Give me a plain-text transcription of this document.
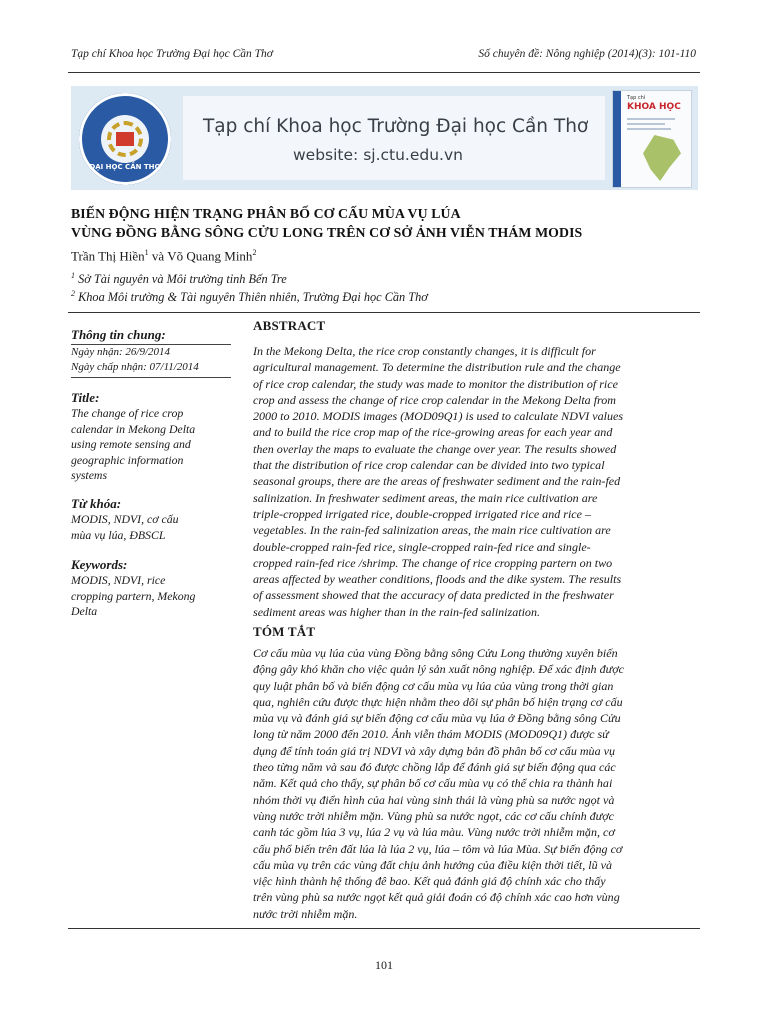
Tạp chí Khoa học Trường Đại học Cần Thơ	Số chuyên đề: Nông nghiệp (2014)(3): 101-110
ĐẠI HỌC CẦN THƠ
Tạp chí Khoa học Trường Đại học Cần Thơ
website: sj.ctu.edu.vn
Tạp chí
KHOA HỌC
BIẾN ĐỘNG HIỆN TRẠNG PHÂN BỐ CƠ CẤU MÙA VỤ LÚA
VÙNG ĐỒNG BẰNG SÔNG CỬU LONG TRÊN CƠ SỞ ẢNH VIỄN THÁM MODIS
Trần Thị Hiền$^1$ và Võ Quang Minh$^2$
$^1$ Sở Tài nguyên và Môi trường tỉnh Bến Tre
$^2$ Khoa Môi trường & Tài nguyên Thiên nhiên, Trường Đại học Cần Thơ
Thông tin chung:
Ngày nhận: 26/9/2014
Ngày chấp nhận: 07/11/2014
Title:
The change of rice crop
calendar in Mekong Delta
using remote sensing and
geographic information
systems
Từ khóa:
MODIS, NDVI, cơ cấu
mùa vụ lúa, ĐBSCL
Keywords:
MODIS, NDVI, rice
cropping partern, Mekong
Delta
ABSTRACT
In the Mekong Delta, the rice crop constantly changes, it is difficult for
agricultural management. To determine the distribution rule and the change
of rice crop calendar, the study was made to monitor the distribution of rice
crop and assess the change of rice crop calendar in the Mekong Delta from
2000 to 2010. MODIS images (MOD09Q1) is used to calculate NDVI values
and to build the rice crop map of the rice-growing areas for each year and
then overlay the maps to evaluate the change over year. The results showed
that the distribution of rice crop calendar can be divided into two typical
seasonal groups, there are the areas of freshwater sediment and the rain-fed
salinization. In freshwater sediment areas, the main rice cultivation are
triple-cropped irrigated rice, double-cropped irrigated rice and rice –
vegetables. In the rain-fed salinization areas, the main rice cultivation are
double-cropped rain-fed rice, single-cropped rain-fed rice and single-
cropped rain-fed rice /shrimp. The change of rice cropping partern on two
areas affected by weather conditions, floods and the dike system. The results
of assessment showed that the accuracy of data predicted in the freshwater
sediment areas was higher than in the rain-fed salinization.
TÓM TẮT
Cơ cấu mùa vụ lúa của vùng Đồng bằng sông Cửu Long thường xuyên biến
động gây khó khăn cho việc quản lý sản xuất nông nghiệp. Để xác định được
quy luật phân bố và biến động cơ cấu mùa vụ lúa của vùng trong thời gian
qua, nghiên cứu được thực hiện nhằm theo dõi sự phân bố hiện trạng cơ cấu
mùa vụ và đánh giá sự biến động cơ cấu mùa vụ lúa ở Đồng bằng sông Cửu
long từ năm 2000 đến 2010. Ảnh viễn thám MODIS (MOD09Q1) được sử
dụng để tính toán giá trị NDVI và xây dựng bản đồ phân bố cơ cấu mùa vụ
theo từng năm và sau đó được chồng lắp để đánh giá sự biến động qua các
năm. Kết quả cho thấy, sự phân bố cơ cấu mùa vụ có thể chia ra thành hai
nhóm thời vụ điển hình của hai vùng sinh thái là vùng phù sa nước ngọt và
vùng nước trời nhiễm mặn. Vùng phù sa nước ngọt, các cơ cấu chính được
canh tác gồm lúa 3 vụ, lúa 2 vụ và lúa màu. Vùng nước trời nhiễm mặn, cơ
cấu phổ biến trên đất lúa là lúa 2 vụ, lúa – tôm và lúa Mùa. Sự biến động cơ
cấu mùa vụ trên các vùng đất chịu ảnh hưởng của điều kiện thời tiết, lũ và
việc hình thành hệ thống đê bao. Kết quả đánh giá độ chính xác cho thấy
trên vùng phù sa nước ngọt kết quả giải đoán có độ chính xác cao hơn vùng
nước trời nhiễm mặn.
101
